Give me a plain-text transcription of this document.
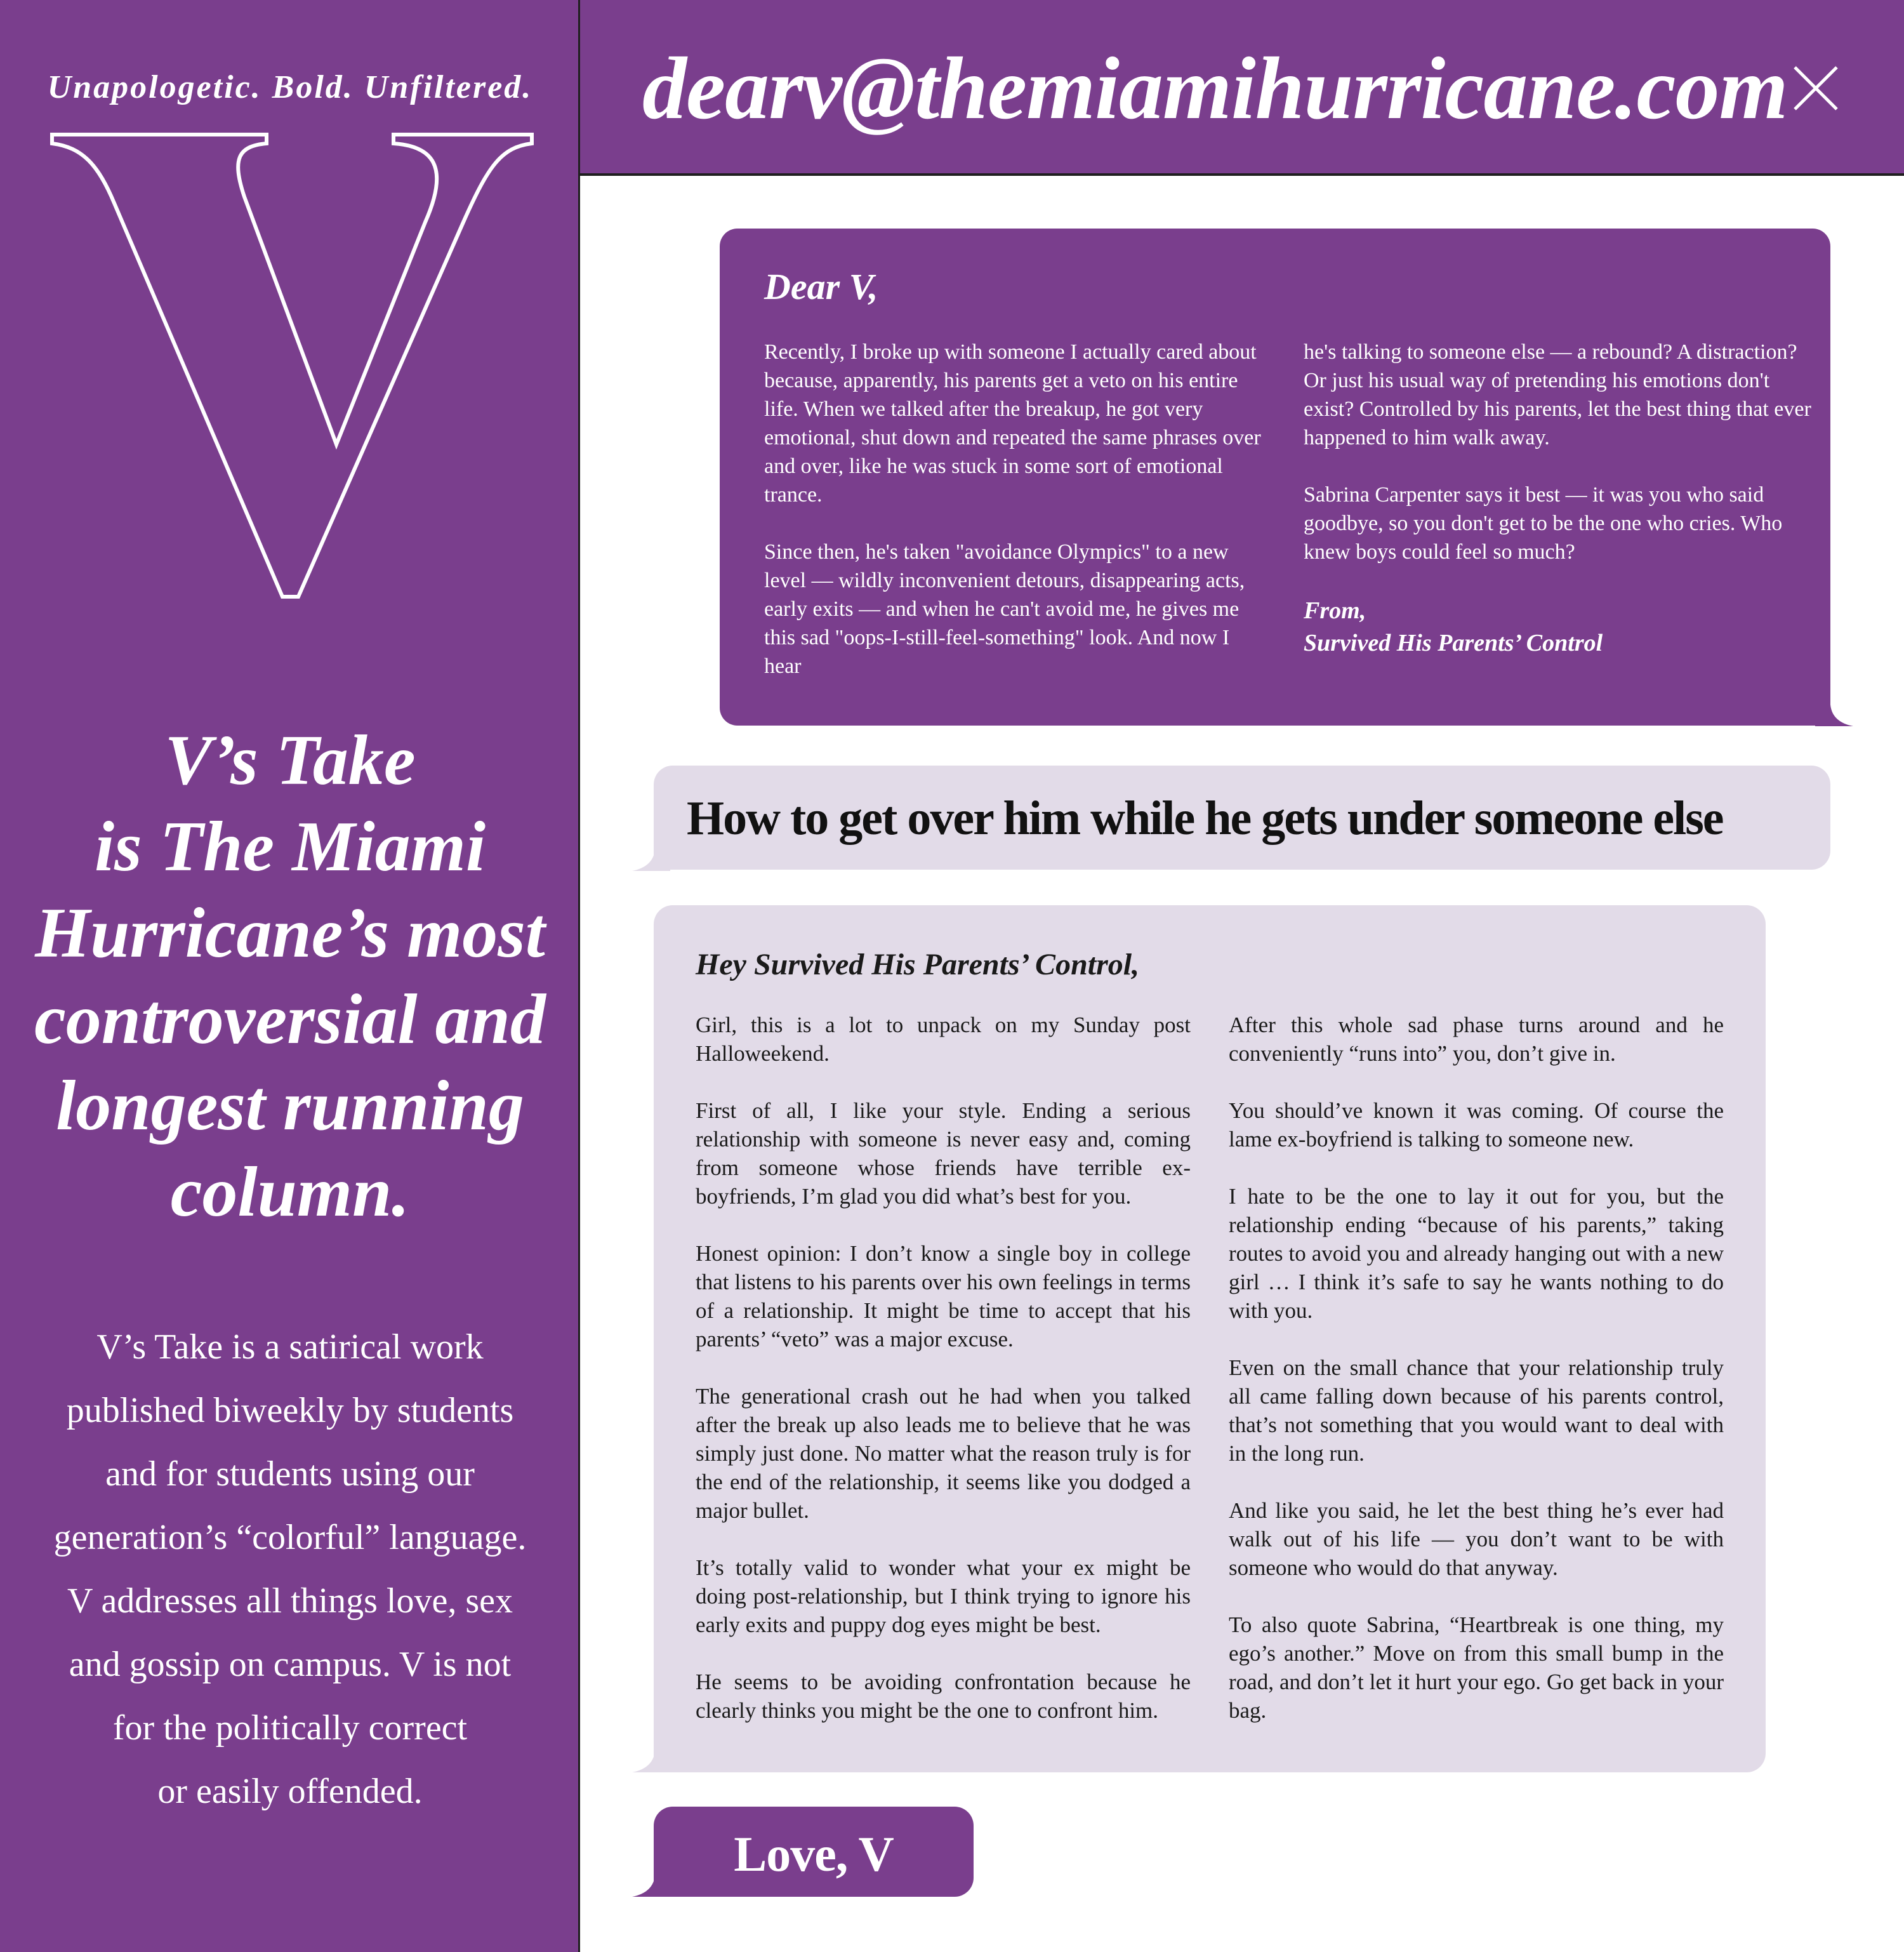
Unapologetic. Bold. Unfiltered.
V’s Take
is The Miami
Hurricane’s most
controversial and
longest running
column.
V’s Take is a satirical work
published biweekly by students
and for students using our
generation’s “colorful” language.
V addresses all things love, sex
and gossip on campus. V is not
for the politically correct
or easily offended.
dearv@themiamihurricane.com
Dear V,

Recently, I broke up with someone I actually cared about because, apparently, his parents get a veto on his entire life. When we talked after the breakup, he got very emotional, shut down and repeated the same phrases over and over, like he was stuck in some sort of emotional trance.

Since then, he's taken "avoidance Olympics" to a new level — wildly inconvenient detours, disappearing acts, early exits — and when he can't avoid me, he gives me this sad "oops-I-still-feel-something" look. And now I hear

he's talking to someone else — a rebound? A distraction? Or just his usual way of pretending his emotions don't exist? Controlled by his parents, let the best thing that ever happened to him walk away.

Sabrina Carpenter says it best — it was you who said goodbye, so you don't get to be the one who cries. Who knew boys could feel so much?

From,
Survived His Parents’ Control
How to get over him while he gets under someone else
Hey Survived His Parents’ Control,

Girl, this is a lot to unpack on my Sunday post Halloweekend.

First of all, I like your style. Ending a serious relationship with someone is never easy and, coming from someone whose friends have terrible ex-boyfriends, I’m glad you did what’s best for you.

Honest opinion: I don’t know a single boy in college that listens to his parents over his own feelings in terms of a relationship. It might be time to accept that his parents’ “veto” was a major excuse.

The generational crash out he had when you talked after the break up also leads me to believe that he was simply just done. No matter what the reason truly is for the end of the relationship, it seems like you dodged a major bullet.

It’s totally valid to wonder what your ex might be doing post-relationship, but I think trying to ignore his early exits and puppy dog eyes might be best.

He seems to be avoiding confrontation because he clearly thinks you might be the one to confront him.

After this whole sad phase turns around and he conveniently “runs into” you, don’t give in.

You should’ve known it was coming. Of course the lame ex-boyfriend is talking to someone new.

I hate to be the one to lay it out for you, but the relationship ending “because of his parents,” taking routes to avoid you and already hanging out with a new girl … I think it’s safe to say he wants nothing to do with you.

Even on the small chance that your relationship truly all came falling down because of his parents control, that’s not something that you would want to deal with in the long run.

And like you said, he let the best thing he’s ever had walk out of his life — you don’t want to be with someone who would do that anyway.

To also quote Sabrina, “Heartbreak is one thing, my ego’s another.” Move on from this small bump in the road, and don’t let it hurt your ego. Go get back in your bag.

Love, V
